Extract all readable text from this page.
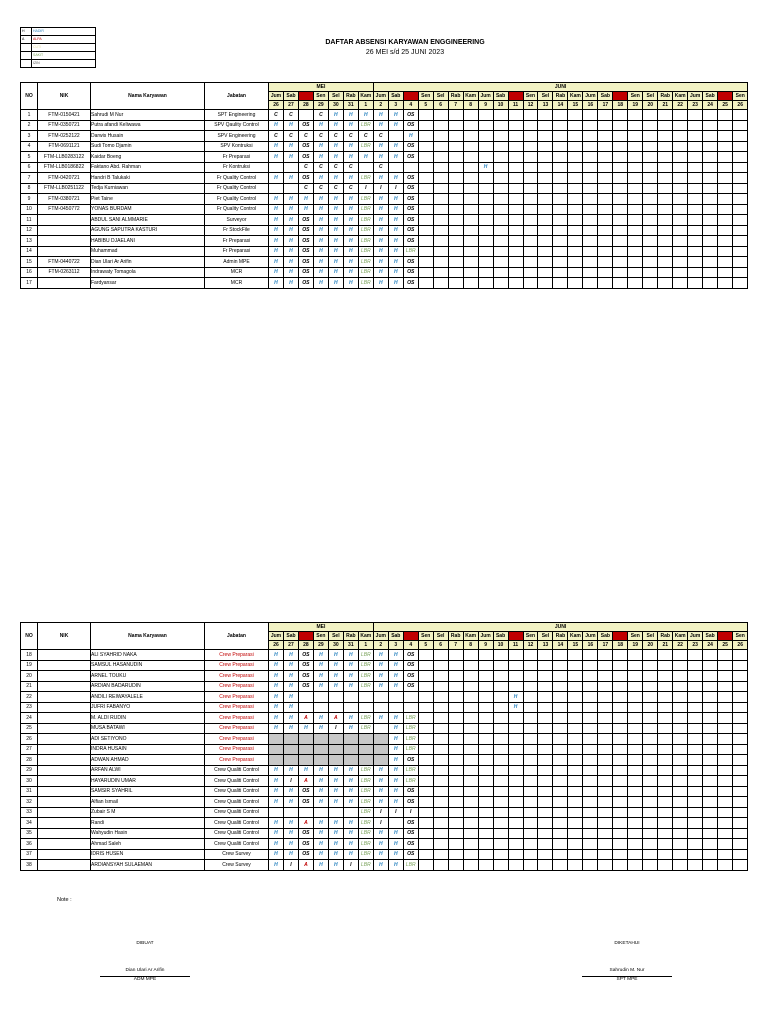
H	HADIR
A	ALPA
	CUTI
	SAKIT
	IZIN
DAFTAR ABSENSI KARYAWAN ENGGINEERING
26 MEI s/d 25 JUNI 2023
NO	NIK	Nama Karyawan	Jabatan	MEI							JUNI																								
				Jum	Sab	Min	Sen	Sel	Rab	Kam	Jum	Sab	Min	Sen	Sel	Rab	Kam	Jum	Sab	Min	Sen	Sel	Rab	Kam	Jum	Sab	Min	Sen	Sel	Rab	Kam	Jum	Sab	Min	Sen
				26	27	28	29	30	31	1	2	3	4	5	6	7	8	9	10	11	12	13	14	15	16	17	18	19	20	21	22	23	24	25	26
1	FTM-0150421	Sahrudi M Nur	SPT Engineering	C	C		C	H	H	H	H	H	OS																						
2	FTM-0350721	Putra afandi Keliwawa	SPV Qaulity Control	H	H	OS	H	H	H	LBR	H	H	OS																						
3	FTM-0252122	Darwis Husain	SPV Engineering	C	C	C	C	C	C	C	C		H																						
4	FTM-0691121	Sudi Tomo Djamin	SPV Kontruksi	H	H	OS	H	H	H	LBR	H	H	OS																						
5	FTM-LLB0283122	Kaidar Boeng	Fr Preparasi	H	H	OS	H	H	H	H	H	H	OS																						
6	FTM-LLB0186822	Faktano Abd. Rahman	Fr Kontruksi			C	C	C	C		C							H																	
7	FTM-0420721	Handri B Talukaki	Fr Quality Control	H	H	OS	H	H	H	LBR	H	H	OS																						
8	FTM-LLB0251122	Tedja Kurniawan	Fr Quality Control			C	C	C	C	I	I	I	OS																						
9	FTM-0380721	Piet Taine	Fr Quality Control	H	H	H	H	H	H	LBR	H	H	OS																						
10	FTM-0450772	YONAS BURDAM	Fr Quality Control	H	H	H	H	H	H	LBR	H	H	OS																						
11		ABDUL SANI ALMMARIE	Surveyor	H	H	OS	H	H	H	LBR	H	H	OS																						
12		AGUNG SAPUTRA KASTURI	Fr StockFile	H	H	OS	H	H	H	LBR	H	H	OS																						
13		HABIBU DJAELANI	Fr Preparasi	H	H	OS	H	H	H	LBR	H	H	OS																						
14		Muhammad	Fr Preparasi	H	H	OS	H	H	H	LBR	H	H	LBR																						
15	FTM-0440722	Dian Ulari Ar Arifin	Admin MPE	H	H	OS	H	H	H	LBR	H	H	OS																						
16	FTM-0263112	Indrawaty Tomagola	MCR	H	H	OS	H	H	H	LBR	H	H	OS																						
17		Fardyansar	MCR	H	H	OS	H	H	H	LBR	H	H	OS																						
NO	NIK	Nama Karyawan	Jabatan	MEI							JUNI																								
				Jum	Sab	Min	Sen	Sel	Rab	Kam	Jum	Sab	Min	Sen	Sel	Rab	Kam	Jum	Sab	Min	Sen	Sel	Rab	Kam	Jum	Sab	Min	Sen	Sel	Rab	Kam	Jum	Sab	Min	Sen
				26	27	28	29	30	31	1	2	3	4	5	6	7	8	9	10	11	12	13	14	15	16	17	18	19	20	21	22	23	24	25	26
18		ALI SYAHRID NAKA	Crew Preparasi	H	H	OS	H	H	H	LBR	H	H	OS																						
19		SAMSUL HASANUDIN	Crew Preparasi	H	H	OS	H	H	H	LBR	H	H	OS																						
20		ARNEL TOUKU	Crew Preparasi	H	H	OS	H	H	H	LBR	H	H	OS																						
21		ARDIAN BADARUDIN	Crew Preparasi	H	H	OS	H	H	H	LBR	H	H	OS																						
22		ANDILI REIWAYALELE	Crew Preparasi	H	H															H															
23		JUFRI FABANYO	Crew Preparasi	H	H															H															
24		M. ALDI RUDIN	Crew Preparasi	H	H	A	H	A	H	LBR	H	H	LBR																						
25		MUSA BATAWI	Crew Preparasi	H	H	H	H	I	H	LBR		H	LBR																						
26		ADI SETIYONO	Crew Preparasi									H	LBR																						
27		INDRA HUSAIN	Crew Preparasi									H	LBR																						
28		ADWAN AHMAD	Crew Preparasi									H	OS																						
29		ARFAN ALWI	Crew Qualiti Control	H	H	H	H	H	H	LBR	H	H	LBR																						
30		HAYARUDIN UMAR	Crew Qualiti Control	H	I	A	H	H	H	LBR	H	H	LBR																						
31		SAMSIR SYAHRIL	Crew Qualiti Control	H	H	OS	H	H	H	LBR	H	H	OS																						
32		Alfian Ismail	Crew Qualiti Control	H	H	OS	H	H	H	LBR	H	H	OS																						
33		Zubair S M	Crew Qualiti Control							LBR	I	I	I																						
34		Randi	Crew Qualiti Control	H	H	A	H	H	H	LBR	I		OS																						
35		Wahyudin Hasin	Crew Qualiti Control	H	H	OS	H	H	H	LBR	H	H	OS																						
36		Ahmad Saleh	Crew Qualiti Control	H	H	OS	H	H	H	LBR	H	H	OS																						
37		IDRIS HUSEN	Crew Survey	H	H	OS	H	H	H	LBR	H	H	OS																						
38		ARDIANSYAH SULAEMAN	Crew Survey	H	I	A	H	H	I	LBR	H	H	LBR																						
Note :
DIBUAT
Dian Ulari Ar Arifin
ADM MPE
DIKETAHUI
Sahrudin M. Nur
SPT MPE
